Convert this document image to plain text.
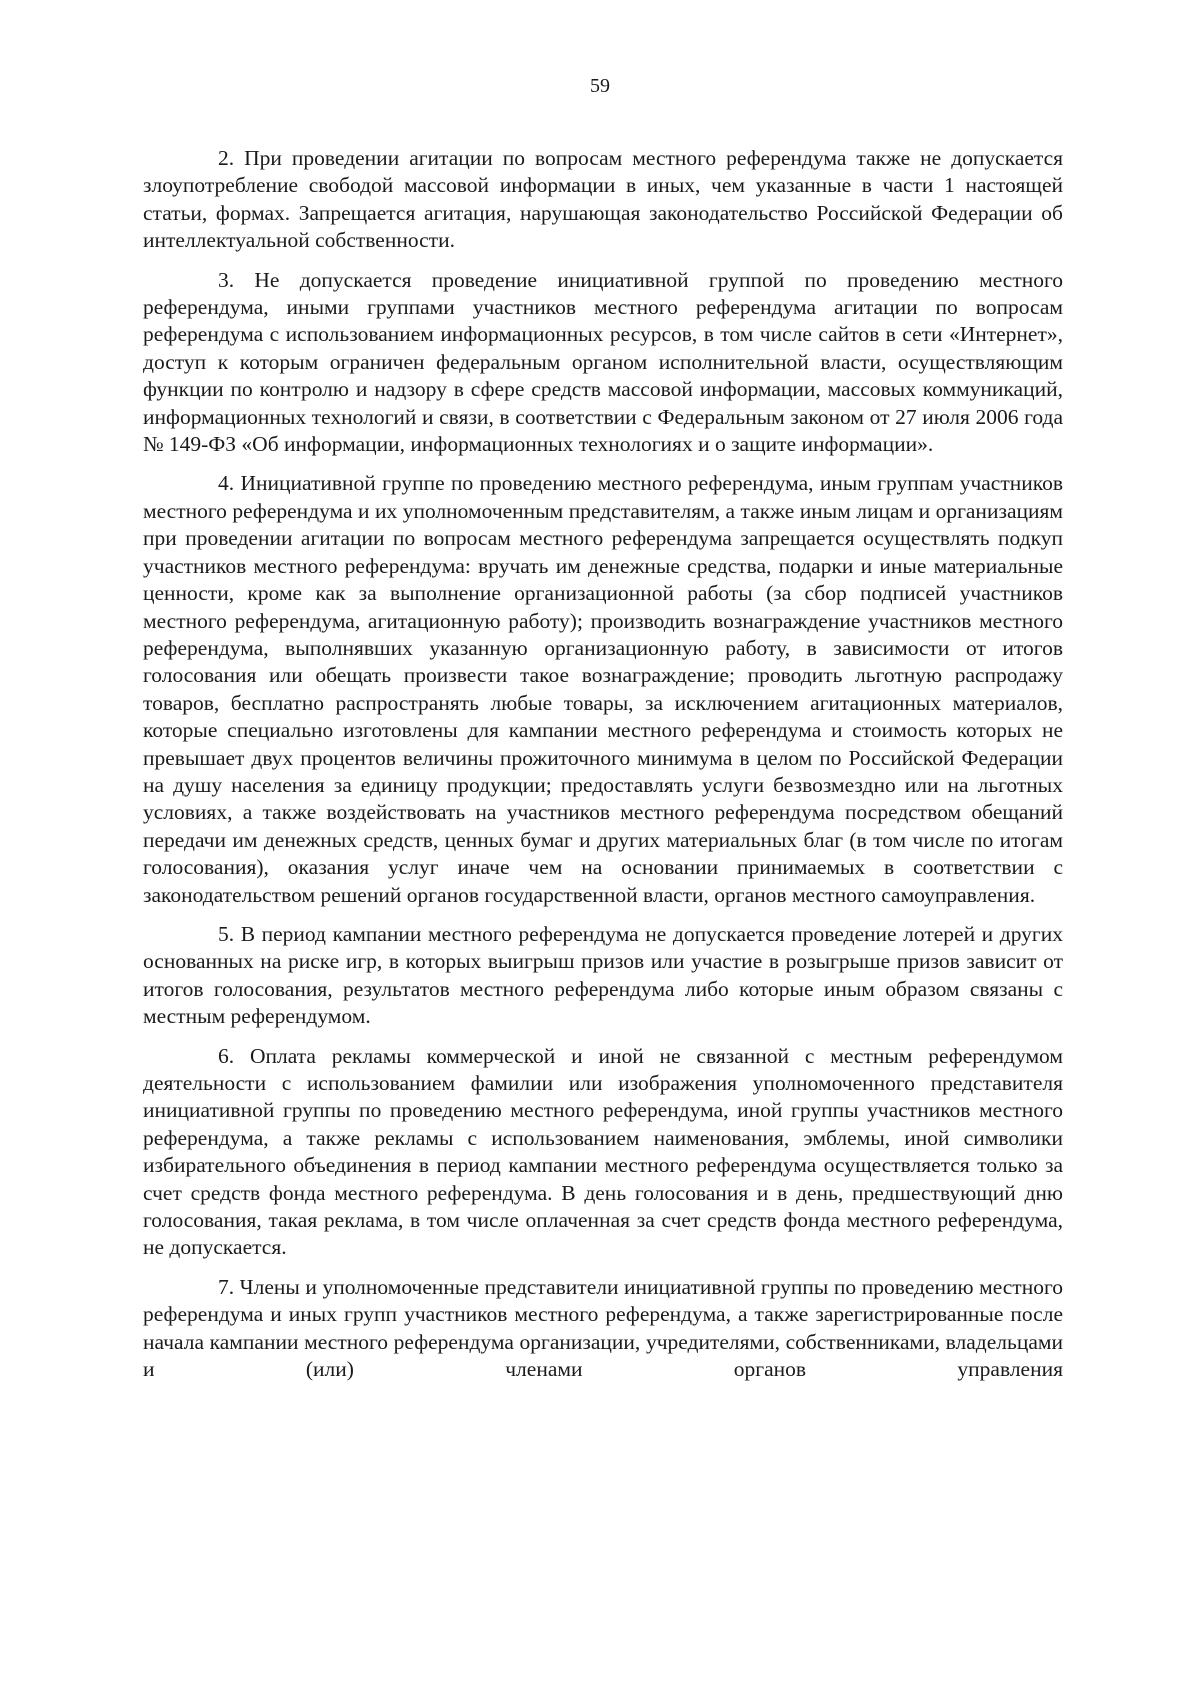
59

2. При проведении агитации по вопросам местного референдума также не допускается злоупотребление свободой массовой информации в иных, чем указанные в части 1 настоящей статьи, формах. Запрещается агитация, нарушающая законодательство Российской Федерации об интеллектуальной собственности.

3. Не допускается проведение инициативной группой по проведению местного референдума, иными группами участников местного референдума агитации по вопросам референдума с использованием информационных ресурсов, в том числе сайтов в сети «Интернет», доступ к которым ограничен федеральным органом исполнительной власти, осуществляющим функции по контролю и надзору в сфере средств массовой информации, массовых коммуникаций, информационных технологий и связи, в соответствии с Федеральным законом от 27 июля 2006 года № 149-ФЗ «Об информации, информационных технологиях и о защите информации».

4. Инициативной группе по проведению местного референдума, иным группам участников местного референдума и их уполномоченным представителям, а также иным лицам и организациям при проведении агитации по вопросам местного референдума запрещается осуществлять подкуп участников местного референдума: вручать им денежные средства, подарки и иные материальные ценности, кроме как за выполнение организационной работы (за сбор подписей участников местного референдума, агитационную работу); производить вознаграждение участников местного референдума, выполнявших указанную организационную работу, в зависимости от итогов голосования или обещать произвести такое вознаграждение; проводить льготную распродажу товаров, бесплатно распространять любые товары, за исключением агитационных материалов, которые специально изготовлены для кампании местного референдума и стоимость которых не превышает двух процентов величины прожиточного минимума в целом по Российской Федерации на душу населения за единицу продукции; предоставлять услуги безвозмездно или на льготных условиях, а также воздействовать на участников местного референдума посредством обещаний передачи им денежных средств, ценных бумаг и других материальных благ (в том числе по итогам голосования), оказания услуг иначе чем на основании принимаемых в соответствии с законодательством решений органов государственной власти, органов местного самоуправления.

5. В период кампании местного референдума не допускается проведение лотерей и других основанных на риске игр, в которых выигрыш призов или участие в розыгрыше призов зависит от итогов голосования, результатов местного референдума либо которые иным образом связаны с местным референдумом.

6. Оплата рекламы коммерческой и иной не связанной с местным референдумом деятельности с использованием фамилии или изображения уполномоченного представителя инициативной группы по проведению местного референдума, иной группы участников местного референдума, а также рекламы с использованием наименования, эмблемы, иной символики избирательного объединения в период кампании местного референдума осуществляется только за счет средств фонда местного референдума. В день голосования и в день, предшествующий дню голосования, такая реклама, в том числе оплаченная за счет средств фонда местного референдума, не допускается.

7. Члены и уполномоченные представители инициативной группы по проведению местного референдума и иных групп участников местного референдума, а также зарегистрированные после начала кампании местного референдума организации, учредителями, собственниками, владельцами и (или) членами органов управления
